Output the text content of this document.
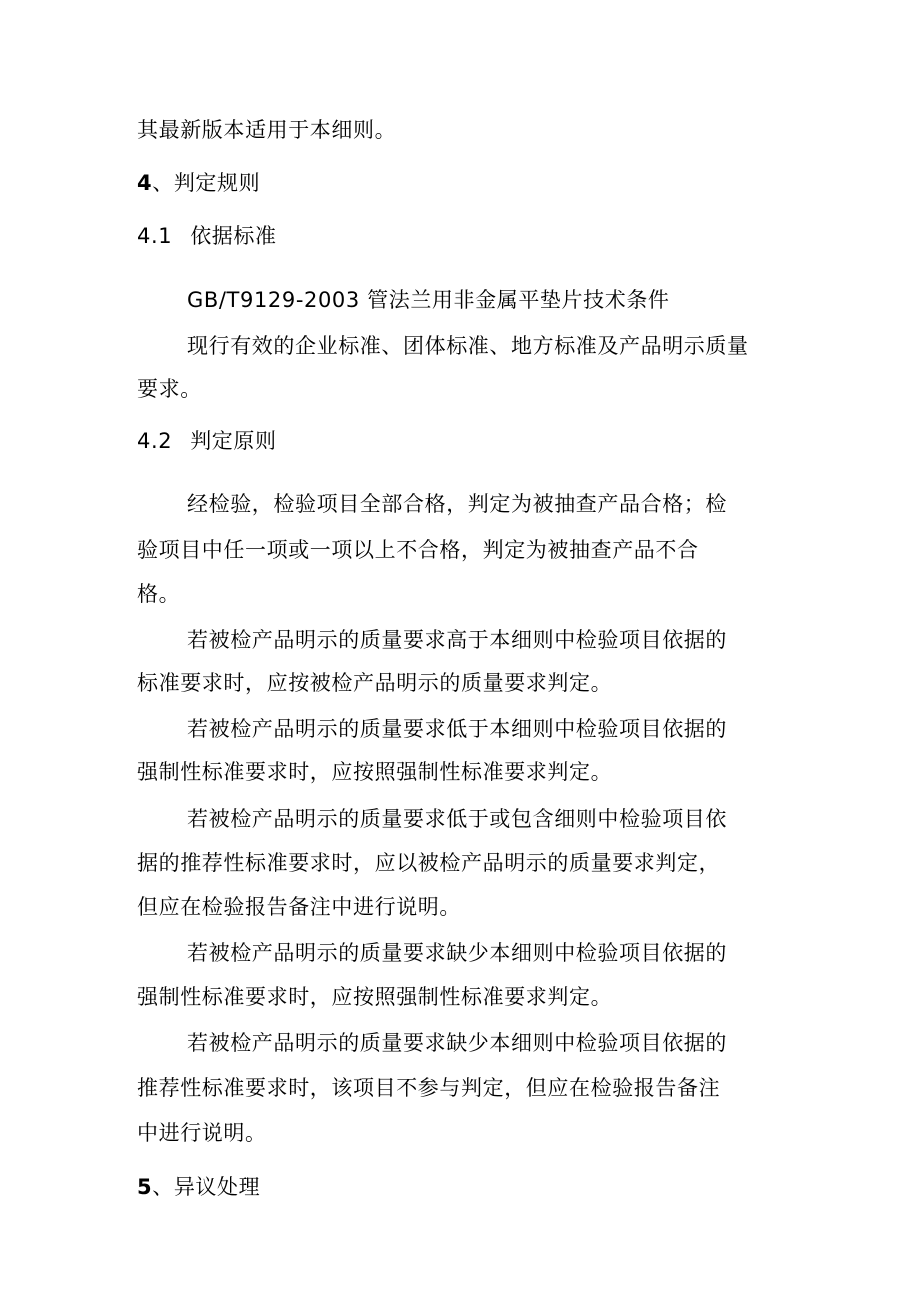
其最新版本适用于本细则。
4、判定规则
4.1 依据标准
GB/T9129-2003 管法兰用非金属平垫片技术条件
现行有效的企业标准、团体标准、地方标准及产品明示质量
要求。
4.2 判定原则
经检验，检验项目全部合格，判定为被抽查产品合格；检
验项目中任一项或一项以上不合格，判定为被抽查产品不合
格。
若被检产品明示的质量要求高于本细则中检验项目依据的
标准要求时，应按被检产品明示的质量要求判定。
若被检产品明示的质量要求低于本细则中检验项目依据的
强制性标准要求时，应按照强制性标准要求判定。
若被检产品明示的质量要求低于或包含细则中检验项目依
据的推荐性标准要求时，应以被检产品明示的质量要求判定，
但应在检验报告备注中进行说明。
若被检产品明示的质量要求缺少本细则中检验项目依据的
强制性标准要求时，应按照强制性标准要求判定。
若被检产品明示的质量要求缺少本细则中检验项目依据的
推荐性标准要求时，该项目不参与判定，但应在检验报告备注
中进行说明。
5、异议处理
